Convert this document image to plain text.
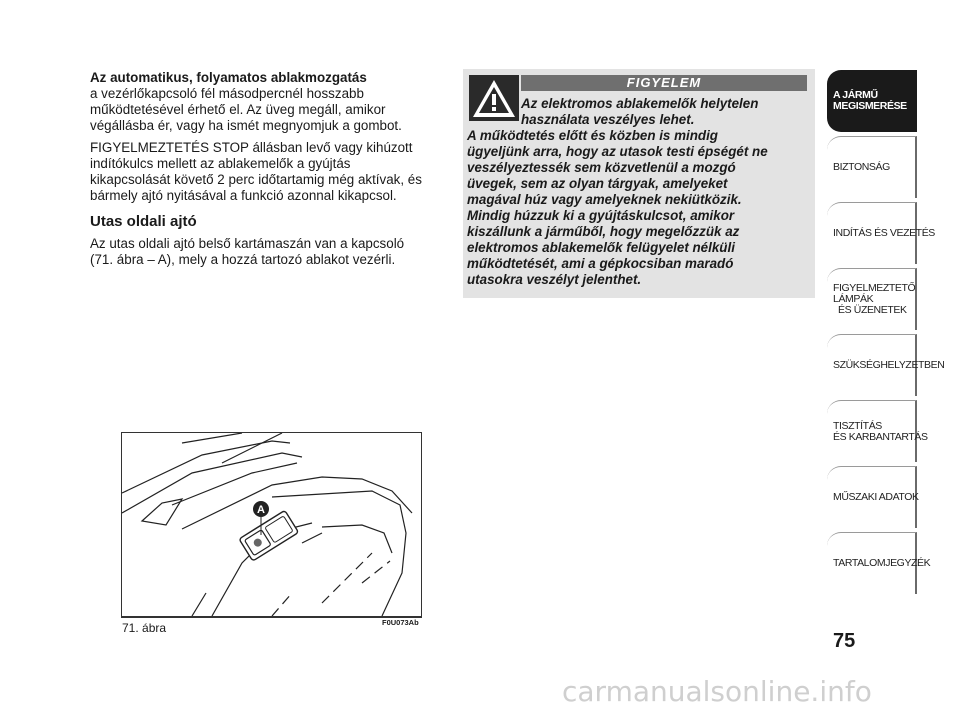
Az automatikus, folyamatos ablakmozgatás
a vezérlőkapcsoló fél másodpercnél hosszabb
működtetésével érhető el. Az üveg megáll, amikor
végállásba ér, vagy ha ismét megnyomjuk a gombot.

FIGYELMEZTETÉS STOP állásban levő vagy kihúzott
indítókulcs mellett az ablakemelők a gyújtás
kikapcsolását követő 2 perc időtartamig még aktívak, és
bármely ajtó nyitásával a funkció azonnal kikapcsol.

Utas oldali ajtó

Az utas oldali ajtó belső kartámaszán van a kapcsoló
(71. ábra – A), mely a hozzá tartozó ablakot vezérli.

FIGYELEM
Az elektromos ablakemelők helytelen
használata veszélyes lehet.
A működtetés előtt és közben is mindig
ügyeljünk arra, hogy az utasok testi épségét ne
veszélyeztessék sem közvetlenül a mozgó
üvegek, sem az olyan tárgyak, amelyeket
magával húz vagy amelyeknek nekiütközik.
Mindig húzzuk ki a gyújtáskulcsot, amikor
kiszállunk a járműből, hogy megelőzzük az
elektromos ablakemelők felügyelet nélküli
működtetését, ami a gépkocsiban maradó
utasokra veszélyt jelenthet.
A
71. ábra	F0U073Ab
A JÁRMŰ
MEGISMERÉSE
BIZTONSÁG
INDÍTÁS ÉS VEZETÉS
FIGYELMEZTETŐ
LÁMPÁK
ÉS ÜZENETEK
SZÜKSÉGHELYZETBEN
TISZTÍTÁS
ÉS KARBANTARTÁS
MŰSZAKI ADATOK
TARTALOMJEGYZÉK
75
carmanualsonline.info
